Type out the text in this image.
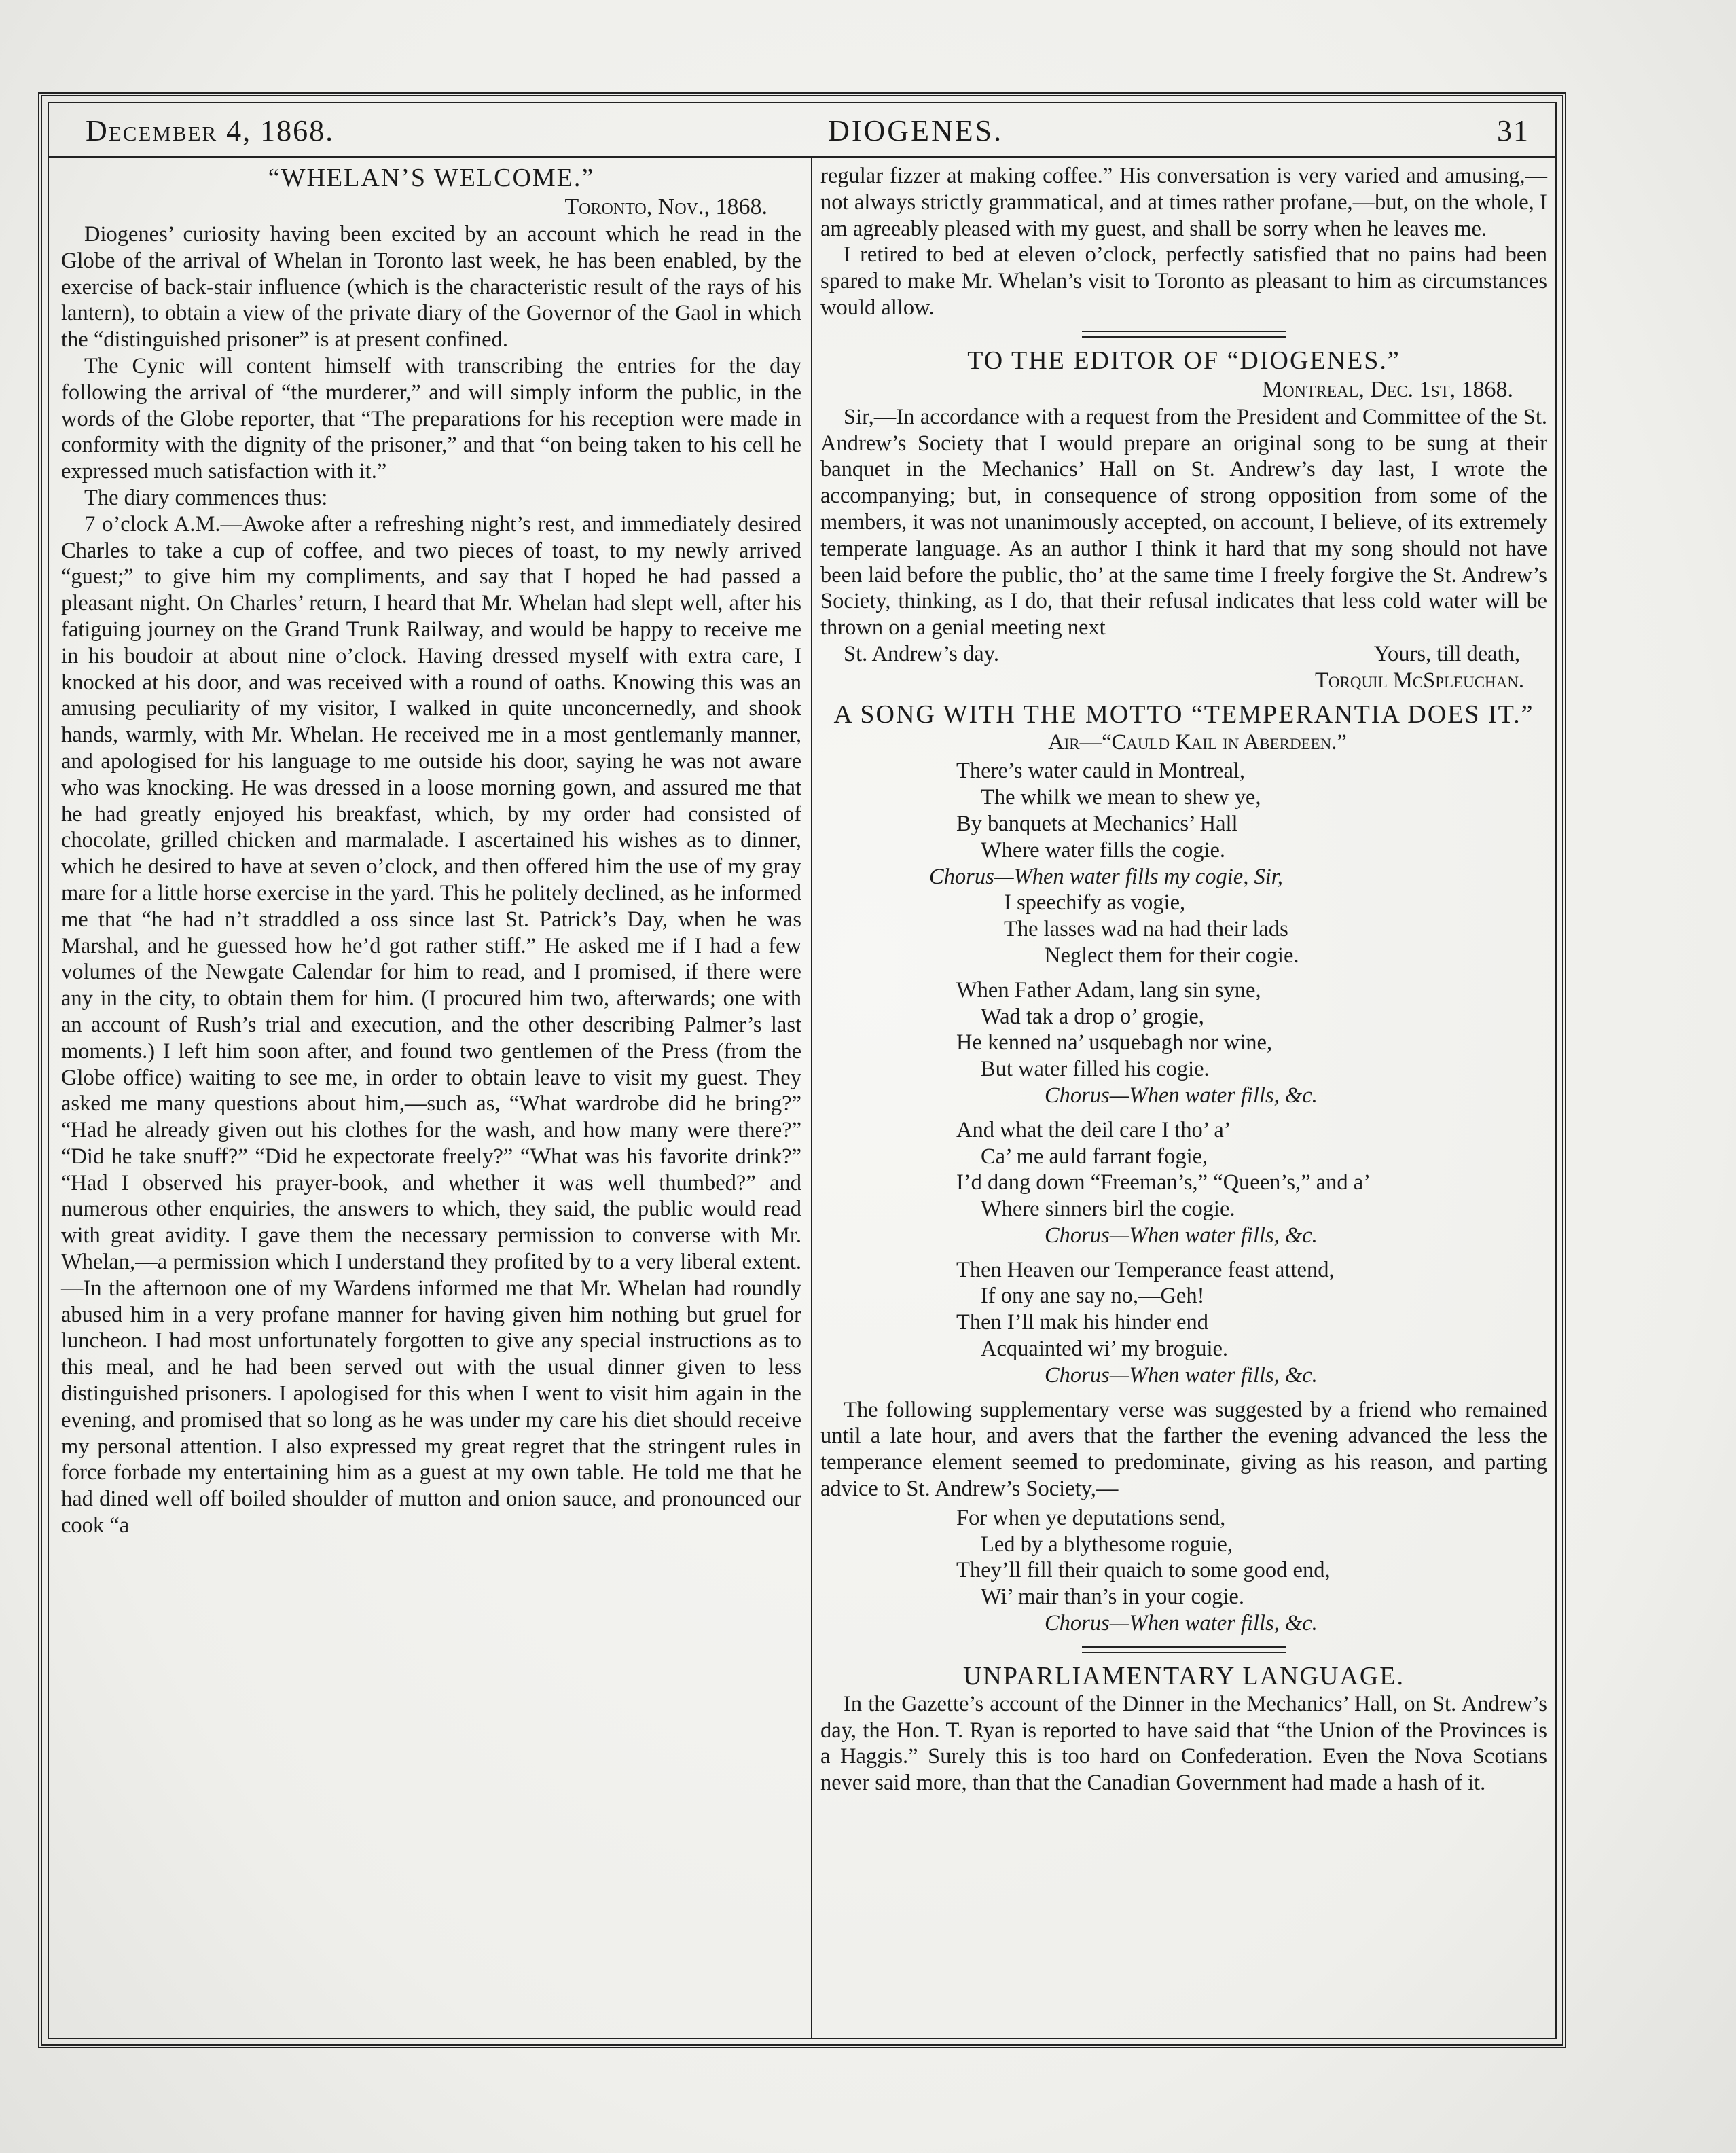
December 4, 1868.	DIOGENES.	31
“WHELAN’S WELCOME.”
Toronto, Nov., 1868.

Diogenes’ curiosity having been excited by an account which he read in the Globe of the arrival of Whelan in Toronto last week, he has been enabled, by the exercise of back-stair influence (which is the characteristic result of the rays of his lantern), to obtain a view of the private diary of the Governor of the Gaol in which the “distinguished prisoner” is at present confined.

The Cynic will content himself with transcribing the entries for the day following the arrival of “the murderer,” and will simply inform the public, in the words of the Globe reporter, that “The preparations for his reception were made in conformity with the dignity of the prisoner,” and that “on being taken to his cell he expressed much satisfaction with it.”

The diary commences thus:

7 o’clock A.M.—Awoke after a refreshing night’s rest, and immediately desired Charles to take a cup of coffee, and two pieces of toast, to my newly arrived “guest;” to give him my compliments, and say that I hoped he had passed a pleasant night. On Charles’ return, I heard that Mr. Whelan had slept well, after his fatiguing journey on the Grand Trunk Railway, and would be happy to receive me in his boudoir at about nine o’clock. Having dressed myself with extra care, I knocked at his door, and was received with a round of oaths. Knowing this was an amusing peculiarity of my visitor, I walked in quite unconcernedly, and shook hands, warmly, with Mr. Whelan. He received me in a most gentlemanly manner, and apologised for his language to me outside his door, saying he was not aware who was knocking. He was dressed in a loose morning gown, and assured me that he had greatly enjoyed his breakfast, which, by my order had consisted of chocolate, grilled chicken and marmalade. I ascertained his wishes as to dinner, which he desired to have at seven o’clock, and then offered him the use of my gray mare for a little horse exercise in the yard. This he politely declined, as he informed me that “he had n’t straddled a oss since last St. Patrick’s Day, when he was Marshal, and he guessed how he’d got rather stiff.” He asked me if I had a few volumes of the Newgate Calendar for him to read, and I promised, if there were any in the city, to obtain them for him. (I procured him two, afterwards; one with an account of Rush’s trial and execution, and the other describing Palmer’s last moments.) I left him soon after, and found two gentlemen of the Press (from the Globe office) waiting to see me, in order to obtain leave to visit my guest. They asked me many questions about him,—such as, “What wardrobe did he bring?” “Had he already given out his clothes for the wash, and how many were there?” “Did he take snuff?” “Did he expectorate freely?” “What was his favorite drink?” “Had I observed his prayer-book, and whether it was well thumbed?” and numerous other enquiries, the answers to which, they said, the public would read with great avidity. I gave them the necessary permission to converse with Mr. Whelan,—a permission which I understand they profited by to a very liberal extent.—In the afternoon one of my Wardens informed me that Mr. Whelan had roundly abused him in a very profane manner for having given him nothing but gruel for luncheon. I had most unfortunately forgotten to give any special instructions as to this meal, and he had been served out with the usual dinner given to less distinguished prisoners. I apologised for this when I went to visit him again in the evening, and promised that so long as he was under my care his diet should receive my personal attention. I also expressed my great regret that the stringent rules in force forbade my entertaining him as a guest at my own table. He told me that he had dined well off boiled shoulder of mutton and onion sauce, and pronounced our cook “a

regular fizzer at making coffee.” His conversation is very varied and amusing,—not always strictly grammatical, and at times rather profane,—but, on the whole, I am agreeably pleased with my guest, and shall be sorry when he leaves me.

I retired to bed at eleven o’clock, perfectly satisfied that no pains had been spared to make Mr. Whelan’s visit to Toronto as pleasant to him as circumstances would allow.

TO THE EDITOR OF “DIOGENES.”
Montreal, Dec. 1st, 1868.

Sir,—In accordance with a request from the President and Committee of the St. Andrew’s Society that I would prepare an original song to be sung at their banquet in the Mechanics’ Hall on St. Andrew’s day last, I wrote the accompanying; but, in consequence of strong opposition from some of the members, it was not unanimously accepted, on account, I believe, of its extremely temperate language. As an author I think it hard that my song should not have been laid before the public, tho’ at the same time I freely forgive the St. Andrew’s Society, thinking, as I do, that their refusal indicates that less cold water will be thrown on a genial meeting next

St. Andrew’s day.	Yours, till death,

Torquil McSpleuchan.
A SONG WITH THE MOTTO “TEMPERANTIA DOES IT.”
Air—“Cauld Kail in Aberdeen.”
There’s water cauld in Montreal,
The whilk we mean to shew ye,
By banquets at Mechanics’ Hall
Where water fills the cogie.
Chorus—When water fills my cogie, Sir,
I speechify as vogie,
The lasses wad na had their lads
Neglect them for their cogie.
When Father Adam, lang sin syne,
Wad tak a drop o’ grogie,
He kenned na’ usquebagh nor wine,
But water filled his cogie.
Chorus—When water fills, &c.
And what the deil care I tho’ a’
Ca’ me auld farrant fogie,
I’d dang down “Freeman’s,” “Queen’s,” and a’
Where sinners birl the cogie.
Chorus—When water fills, &c.
Then Heaven our Temperance feast attend,
If ony ane say no,—Geh!
Then I’ll mak his hinder end
Acquainted wi’ my broguie.
Chorus—When water fills, &c.

The following supplementary verse was suggested by a friend who remained until a late hour, and avers that the farther the evening advanced the less the temperance element seemed to predominate, giving as his reason, and parting advice to St. Andrew’s Society,—

For when ye deputations send,
Led by a blythesome roguie,
They’ll fill their quaich to some good end,
Wi’ mair than’s in your cogie.
Chorus—When water fills, &c.
UNPARLIAMENTARY LANGUAGE.

In the Gazette’s account of the Dinner in the Mechanics’ Hall, on St. Andrew’s day, the Hon. T. Ryan is reported to have said that “the Union of the Provinces is a Haggis.” Surely this is too hard on Confederation. Even the Nova Scotians never said more, than that the Canadian Government had made a hash of it.
